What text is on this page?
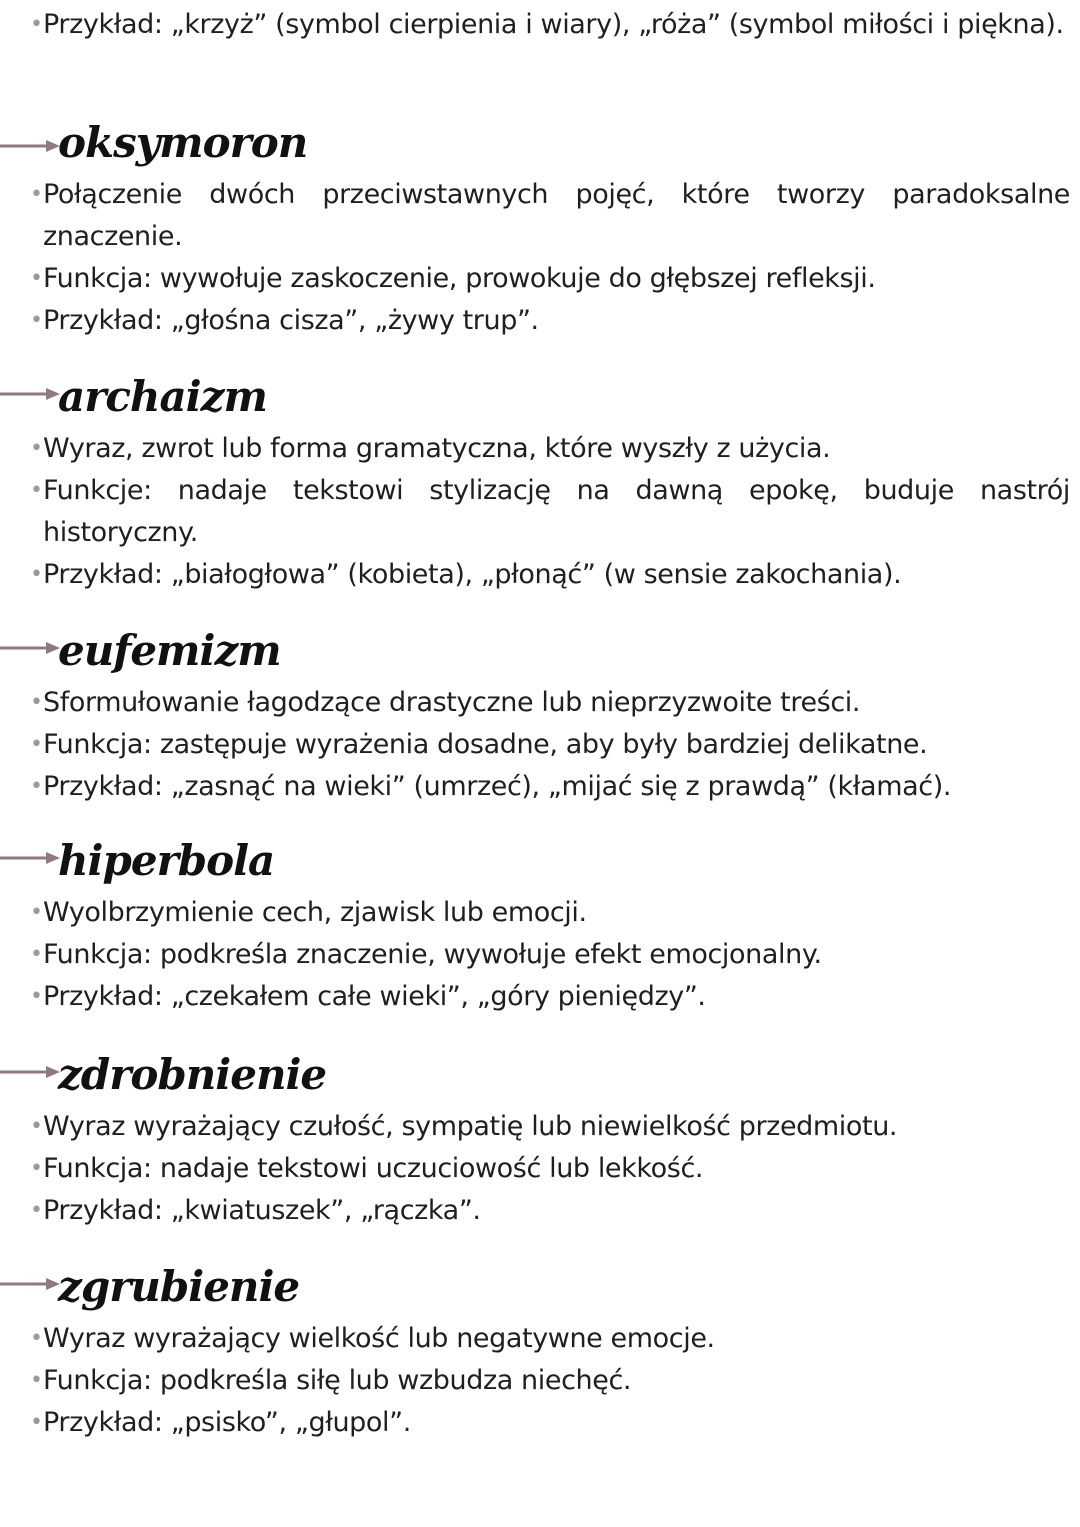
• Przykład: „krzyż” (symbol cierpienia i wiary), „róża” (symbol miłości i piękna).
oksymoron
• Połączenie dwóch przeciwstawnych pojęć, które tworzy paradoksalne znaczenie.
• Funkcja: wywołuje zaskoczenie, prowokuje do głębszej refleksji.
• Przykład: „głośna cisza”, „żywy trup”.
archaizm
• Wyraz, zwrot lub forma gramatyczna, które wyszły z użycia.
• Funkcje: nadaje tekstowi stylizację na dawną epokę, buduje nastrój historyczny.
• Przykład: „białogłowa” (kobieta), „płonąć” (w sensie zakochania).
eufemizm
• Sformułowanie łagodzące drastyczne lub nieprzyzwoite treści.
• Funkcja: zastępuje wyrażenia dosadne, aby były bardziej delikatne.
• Przykład: „zasnąć na wieki” (umrzeć), „mijać się z prawdą” (kłamać).
hiperbola
• Wyolbrzymienie cech, zjawisk lub emocji.
• Funkcja: podkreśla znaczenie, wywołuje efekt emocjonalny.
• Przykład: „czekałem całe wieki”, „góry pieniędzy”.
zdrobnienie
• Wyraz wyrażający czułość, sympatię lub niewielkość przedmiotu.
• Funkcja: nadaje tekstowi uczuciowość lub lekkość.
• Przykład: „kwiatuszek”, „rączka”.
zgrubienie
• Wyraz wyrażający wielkość lub negatywne emocje.
• Funkcja: podkreśla siłę lub wzbudza niechęć.
• Przykład: „psisko”, „głupol”.
